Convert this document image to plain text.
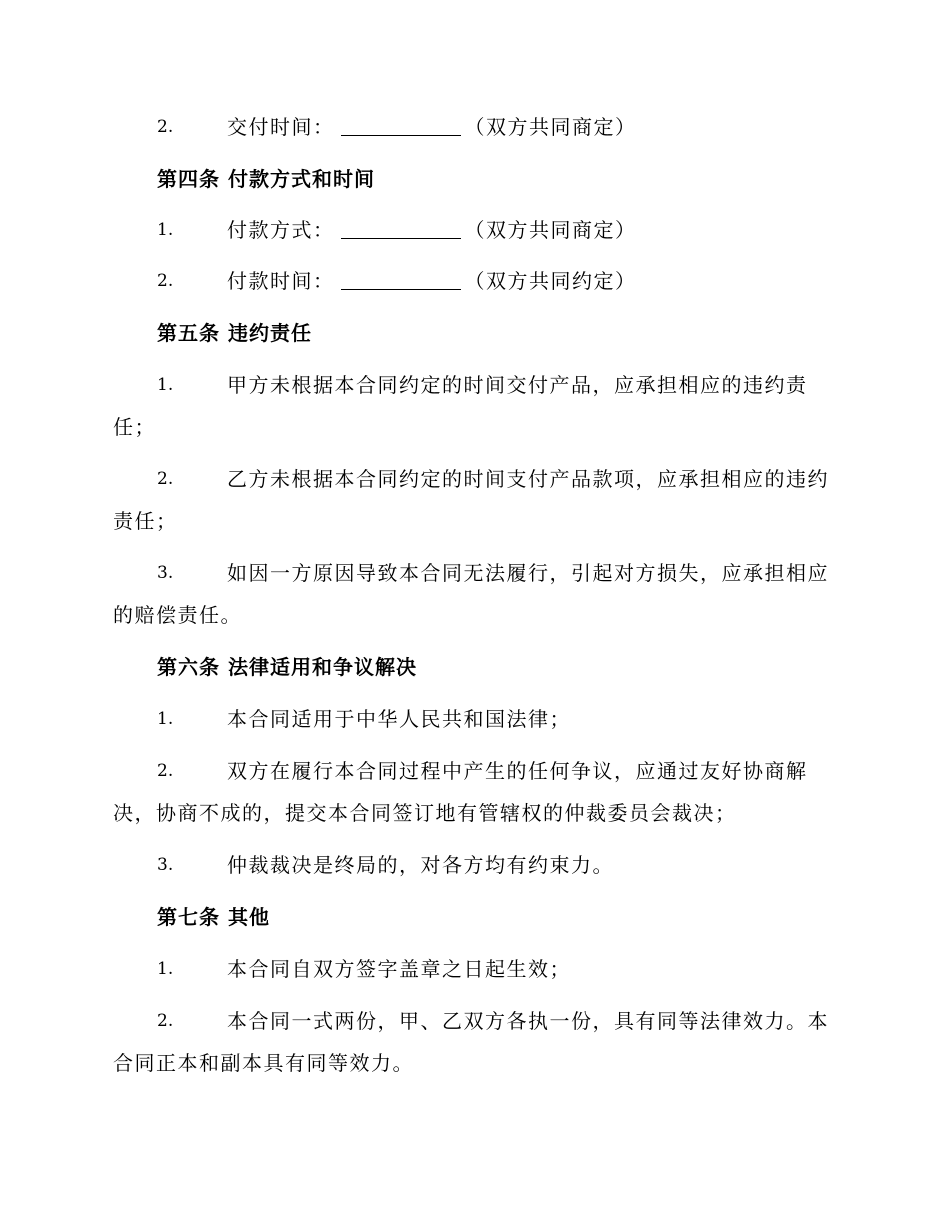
2.	交付时间：	（双方共同商定）
第四条 付款方式和时间
1.	付款方式：	（双方共同商定）
2.	付款时间：	（双方共同约定）
第五条 违约责任
1.	甲方未根据本合同约定的时间交付产品，应承担相应的违约责
任；
2.	乙方未根据本合同约定的时间支付产品款项，应承担相应的违约
责任；
3.	如因一方原因导致本合同无法履行，引起对方损失，应承担相应
的赔偿责任。
第六条 法律适用和争议解决
1.	本合同适用于中华人民共和国法律；
2.	双方在履行本合同过程中产生的任何争议，应通过友好协商解
决，协商不成的，提交本合同签订地有管辖权的仲裁委员会裁决；
3.	仲裁裁决是终局的，对各方均有约束力。
第七条 其他
1.	本合同自双方签字盖章之日起生效；
2.	本合同一式两份，甲、乙双方各执一份，具有同等法律效力。本
合同正本和副本具有同等效力。
